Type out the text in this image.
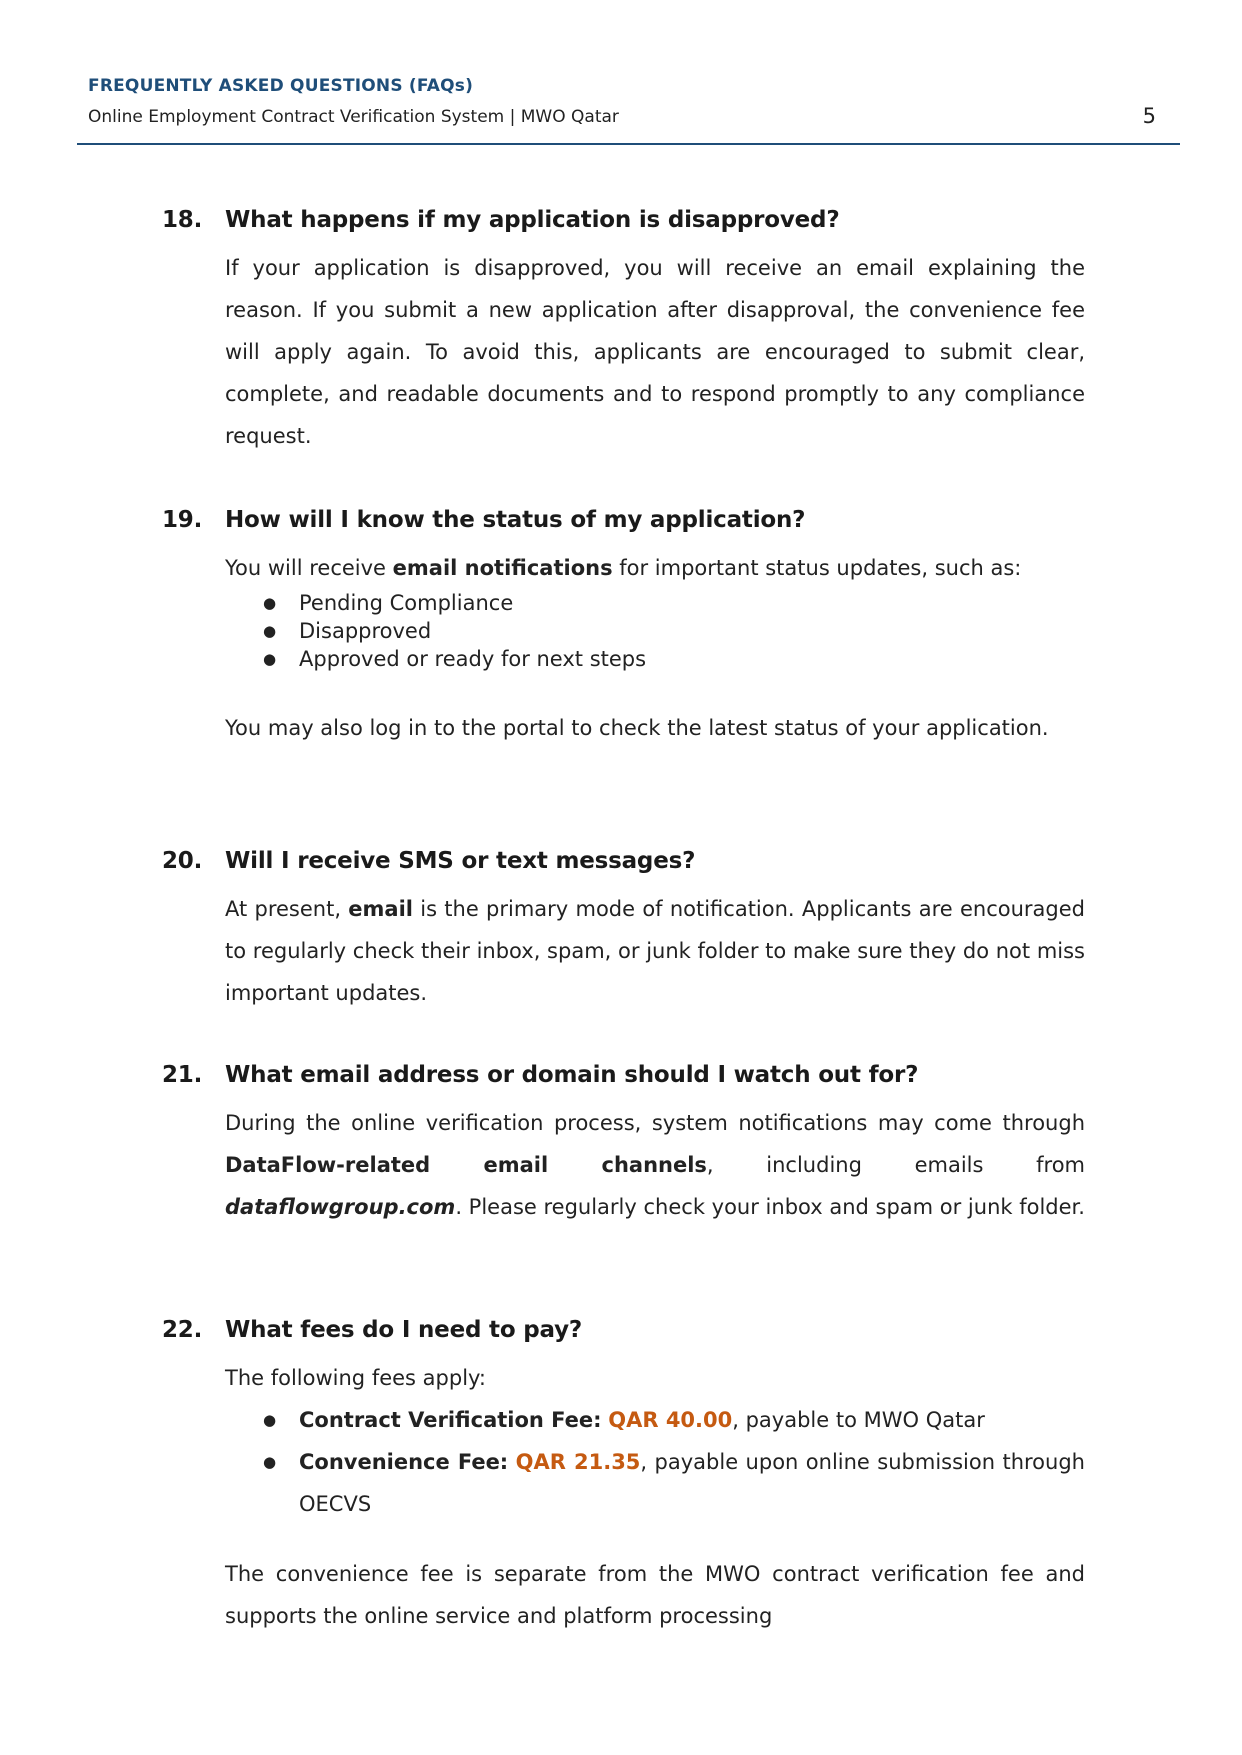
FREQUENTLY ASKED QUESTIONS (FAQs)
Online Employment Contract Verification System | MWO Qatar	5
18. What happens if my application is disapproved?
If your application is disapproved, you will receive an email explaining the reason. If you submit a new application after disapproval, the convenience fee will apply again. To avoid this, applicants are encouraged to submit clear, complete, and readable documents and to respond promptly to any compliance request.
19. How will I know the status of my application?
You will receive email notifications for important status updates, such as:
● Pending Compliance
● Disapproved
● Approved or ready for next steps
You may also log in to the portal to check the latest status of your application.
20. Will I receive SMS or text messages?
At present, email is the primary mode of notification. Applicants are encouraged to regularly check their inbox, spam, or junk folder to make sure they do not miss important updates.
21. What email address or domain should I watch out for?
During the online verification process, system notifications may come through DataFlow-related email channels, including emails from dataflowgroup.com. Please regularly check your inbox and spam or junk folder.
22. What fees do I need to pay?
The following fees apply:
● Contract Verification Fee: QAR 40.00, payable to MWO Qatar
● Convenience Fee: QAR 21.35, payable upon online submission through OECVS
The convenience fee is separate from the MWO contract verification fee and supports the online service and platform processing
